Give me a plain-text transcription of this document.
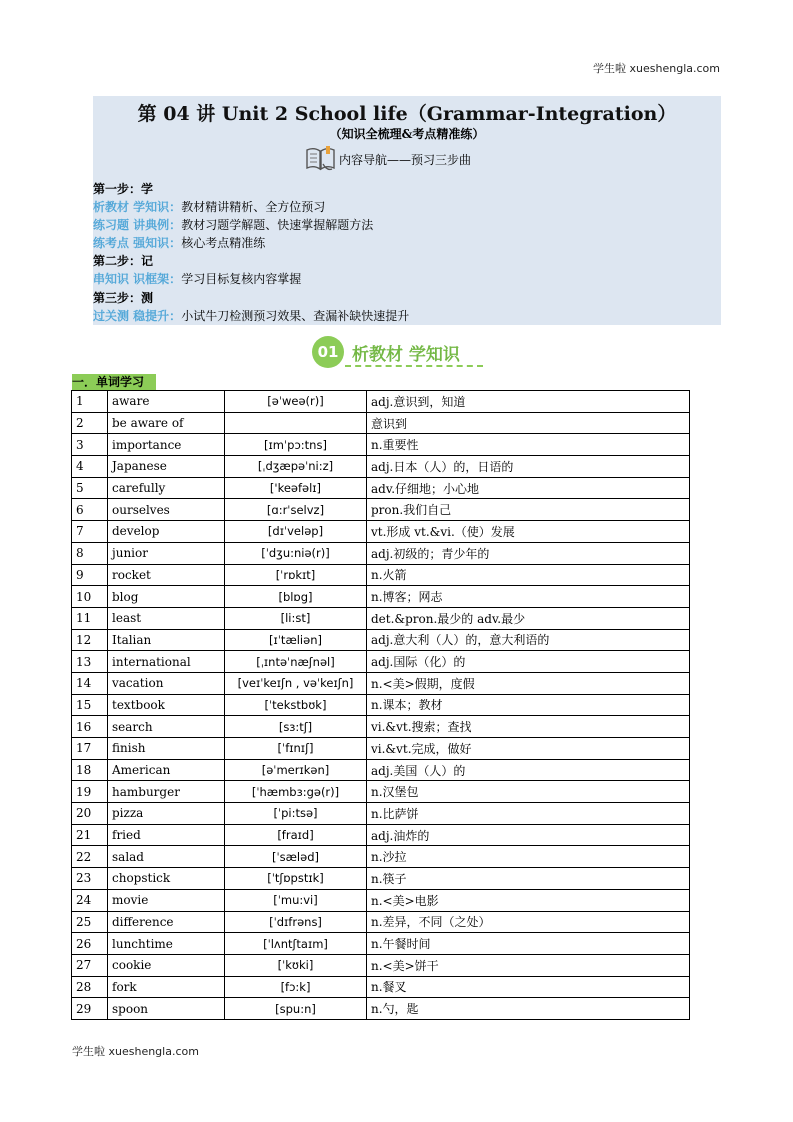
学生啦 xueshengla.com
第 04 讲 Unit 2 School life（Grammar-Integration）
（知识全梳理&考点精准练）
内容导航——预习三步曲
第一步：学
析教材 学知识：教材精讲精析、全方位预习
练习题 讲典例：教材习题学解题、快速掌握解题方法
练考点 强知识：核心考点精准练
第二步：记
串知识 识框架：学习目标复核内容掌握
第三步：测
过关测 稳提升：小试牛刀检测预习效果、查漏补缺快速提升
01 析教材 学知识
一．单词学习
1	aware	[əˈweə(r)]	adj.意识到，知道
2	be aware of		意识到
3	importance	[ɪmˈpɔ:tns]	n.重要性
4	Japanese	[ˌdʒæpəˈni:z]	adj.日本（人）的，日语的
5	carefully	['keəfəlɪ]	adv.仔细地；小心地
6	ourselves	[ɑ:rˈselvz]	pron.我们自己
7	develop	[dɪˈveləp]	vt.形成 vt.&vi.（使）发展
8	junior	[ˈdʒu:niə(r)]	adj.初级的；青少年的
9	rocket	[ˈrɒkɪt]	n.火箭
10	blog	[blɒg]	n.博客；网志
11	least	[li:st]	det.&pron.最少的 adv.最少
12	Italian	[ɪˈtæliən]	adj.意大利（人）的，意大利语的
13	international	[ˌɪntəˈnæʃnəl]	adj.国际（化）的
14	vacation	[veɪˈkeɪʃn , vəˈkeɪʃn]	n.<美>假期，度假
15	textbook	[ˈtekstbʊk]	n.课本；教材
16	search	[sɜ:tʃ]	vi.&vt.搜索；查找
17	finish	[ˈfɪnɪʃ]	vi.&vt.完成，做好
18	American	[əˈmerɪkən]	adj.美国（人）的
19	hamburger	[ˈhæmbɜ:gə(r)]	n.汉堡包
20	pizza	[ˈpi:tsə]	n.比萨饼
21	fried	[fraɪd]	adj.油炸的
22	salad	[ˈsæləd]	n.沙拉
23	chopstick	[ˈtʃɒpstɪk]	n.筷子
24	movie	[ˈmu:vi]	n.<美>电影
25	difference	[ˈdɪfrəns]	n.差异，不同（之处）
26	lunchtime	[ˈlʌntʃtaɪm]	n.午餐时间
27	cookie	[ˈkʊki]	n.<美>饼干
28	fork	[fɔ:k]	n.餐叉
29	spoon	[spu:n]	n.勺，匙
学生啦 xueshengla.com
